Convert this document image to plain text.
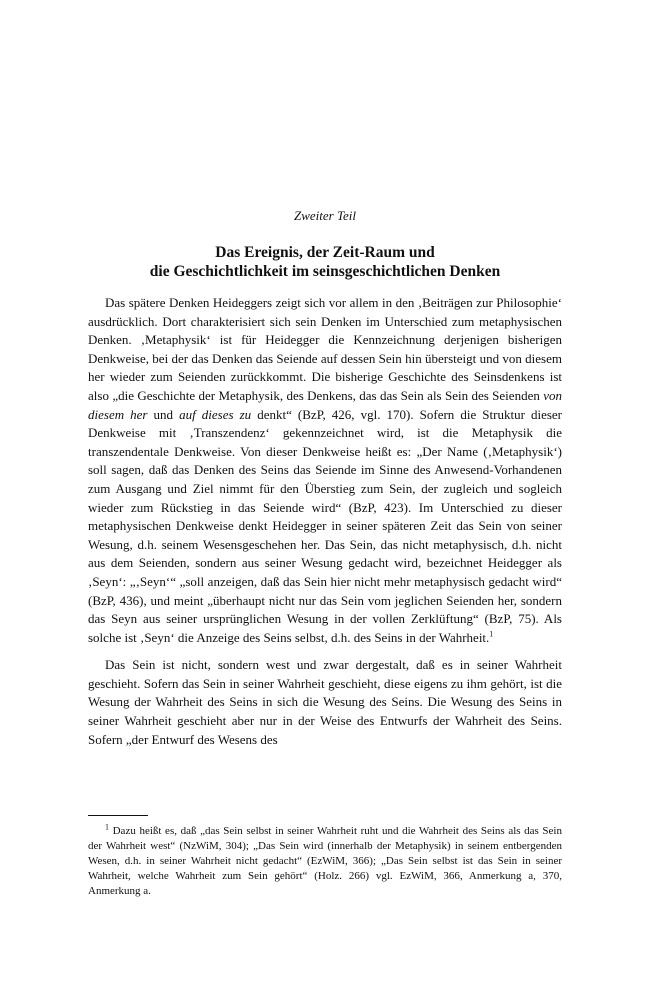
Zweiter Teil
Das Ereignis, der Zeit-Raum und
die Geschichtlichkeit im seinsgeschichtlichen Denken

Das spätere Denken Heideggers zeigt sich vor allem in den ‚Beiträgen zur Philosophie‘ ausdrücklich. Dort charakterisiert sich sein Denken im Unterschied zum metaphysischen Denken. ‚Metaphysik‘ ist für Heidegger die Kennzeichnung derjenigen bisherigen Denkweise, bei der das Denken das Seiende auf dessen Sein hin übersteigt und von diesem her wieder zum Seienden zurückkommt. Die bisherige Geschichte des Seinsdenkens ist also „die Geschichte der Metaphysik, des Denkens, das das Sein als Sein des Seienden von diesem her und auf dieses zu denkt“ (BzP, 426, vgl. 170). Sofern die Struktur dieser Denkweise mit ‚Transzendenz‘ gekennzeichnet wird, ist die Metaphysik die transzendentale Denkweise. Von dieser Denkweise heißt es: „Der Name (‚Metaphysik‘) soll sagen, daß das Denken des Seins das Seiende im Sinne des Anwesend-Vorhandenen zum Ausgang und Ziel nimmt für den Überstieg zum Sein, der zugleich und sogleich wieder zum Rückstieg in das Seiende wird“ (BzP, 423). Im Unterschied zu dieser metaphysischen Denkweise denkt Heidegger in seiner späteren Zeit das Sein von seiner Wesung, d.h. seinem Wesensgeschehen her. Das Sein, das nicht metaphysisch, d.h. nicht aus dem Seienden, sondern aus seiner Wesung gedacht wird, bezeichnet Heidegger als ‚Seyn‘: „‚Seyn‘“ „soll anzeigen, daß das Sein hier nicht mehr metaphysisch gedacht wird“ (BzP, 436), und meint „überhaupt nicht nur das Sein vom jeglichen Seienden her, sondern das Seyn aus seiner ursprünglichen Wesung in der vollen Zerklüftung“ (BzP, 75). Als solche ist ‚Seyn‘ die Anzeige des Seins selbst, d.h. des Seins in der Wahrheit.$^1$

Das Sein ist nicht, sondern west und zwar dergestalt, daß es in seiner Wahrheit geschieht. Sofern das Sein in seiner Wahrheit geschieht, diese eigens zu ihm gehört, ist die Wesung der Wahrheit des Seins in sich die Wesung des Seins. Die Wesung des Seins in seiner Wahrheit geschieht aber nur in der Weise des Entwurfs der Wahrheit des Seins. Sofern „der Entwurf des Wesens des

$^1$ Dazu heißt es, daß „das Sein selbst in seiner Wahrheit ruht und die Wahrheit des Seins als das Sein der Wahrheit west“ (NzWiM, 304); „Das Sein wird (innerhalb der Metaphysik) in seinem entbergenden Wesen, d.h. in seiner Wahrheit nicht gedacht“ (EzWiM, 366); „Das Sein selbst ist das Sein in seiner Wahrheit, welche Wahrheit zum Sein gehört“ (Holz. 266) vgl. EzWiM, 366, Anmerkung a, 370, Anmerkung a.
